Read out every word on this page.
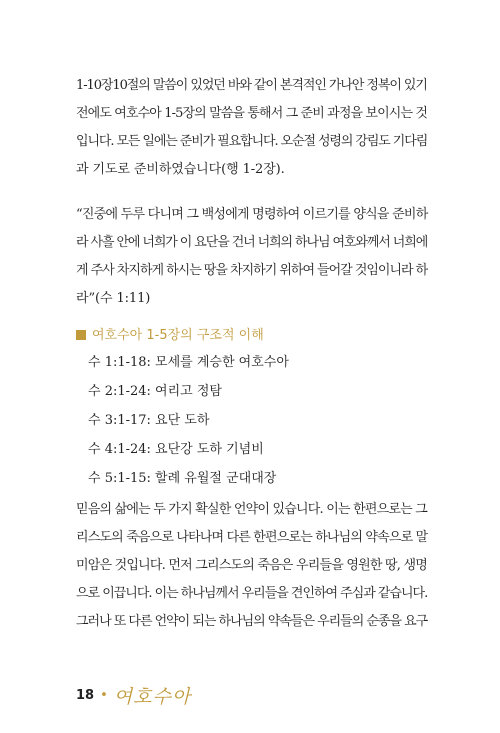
1-10장10절의 말씀이 있었던 바와 같이 본격적인 가나안 정복이 있기
전에도 여호수아 1-5장의 말씀을 통해서 그 준비 과정을 보이시는 것
입니다. 모든 일에는 준비가 필요합니다. 오순절 성령의 강림도 기다림
과 기도로 준비하였습니다(행 1-2장).
“진중에 두루 다니며 그 백성에게 명령하여 이르기를 양식을 준비하
라 사흘 안에 너희가 이 요단을 건너 너희의 하나님 여호와께서 너희에
게 주사 차지하게 하시는 땅을 차지하기 위하여 들어갈 것임이니라 하
라”(수 1:11)
여호수아 1-5장의 구조적 이해
수 1:1-18: 모세를 계승한 여호수아
수 2:1-24: 여리고 정탐
수 3:1-17: 요단 도하
수 4:1-24: 요단강 도하 기념비
수 5:1-15: 할례 유월절 군대대장
믿음의 삶에는 두 가지 확실한 언약이 있습니다. 이는 한편으로는 그
리스도의 죽음으로 나타나며 다른 한편으로는 하나님의 약속으로 말
미암은 것입니다. 먼저 그리스도의 죽음은 우리들을 영원한 땅, 생명
으로 이끕니다. 이는 하나님께서 우리들을 견인하여 주심과 같습니다.
그러나 또 다른 언약이 되는 하나님의 약속들은 우리들의 순종을 요구
18 • 여호수아
